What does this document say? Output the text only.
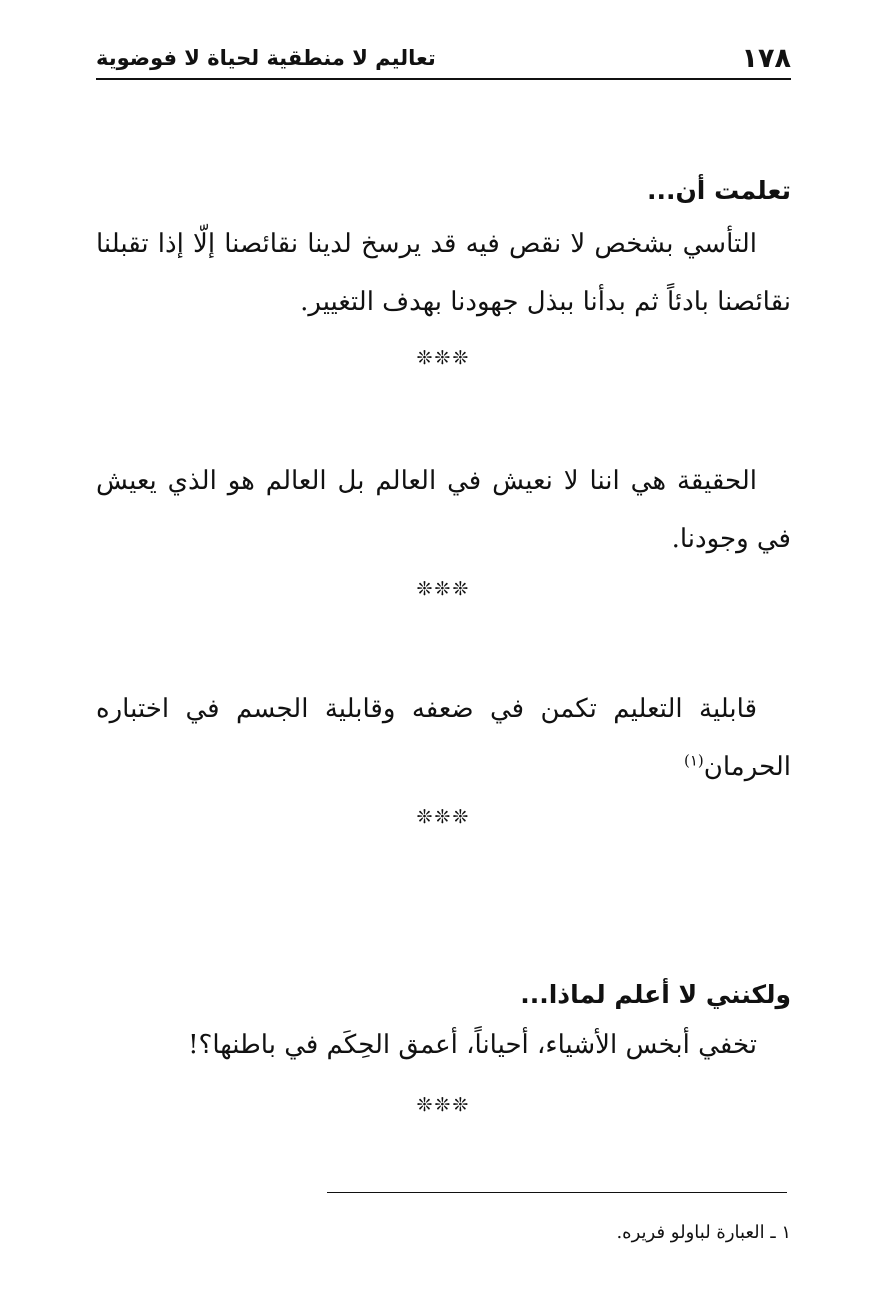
١٧٨
تعاليم لا منطقية لحياة لا فوضوية
تعلمت أن...

التأسي بشخص لا نقص فيه قد يرسخ لدينا نقائصنا إلّا إذا تقبلنا نقائصنا بادئاً ثم بدأنا ببذل جهودنا بهدف التغيير.

❊❊❊

الحقيقة هي اننا لا نعيش في العالم بل العالم هو الذي يعيش في وجودنا.

❊❊❊

قابلية التعليم تكمن في ضعفه وقابلية الجسم في اختباره الحرمان$^{(١)}$

❊❊❊
ولكنني لا أعلم لماذا...

تخفي أبخس الأشياء، أحياناً، أعمق الحِكَم في باطنها؟!

❊❊❊
١ ـ العبارة لباولو فريره.
